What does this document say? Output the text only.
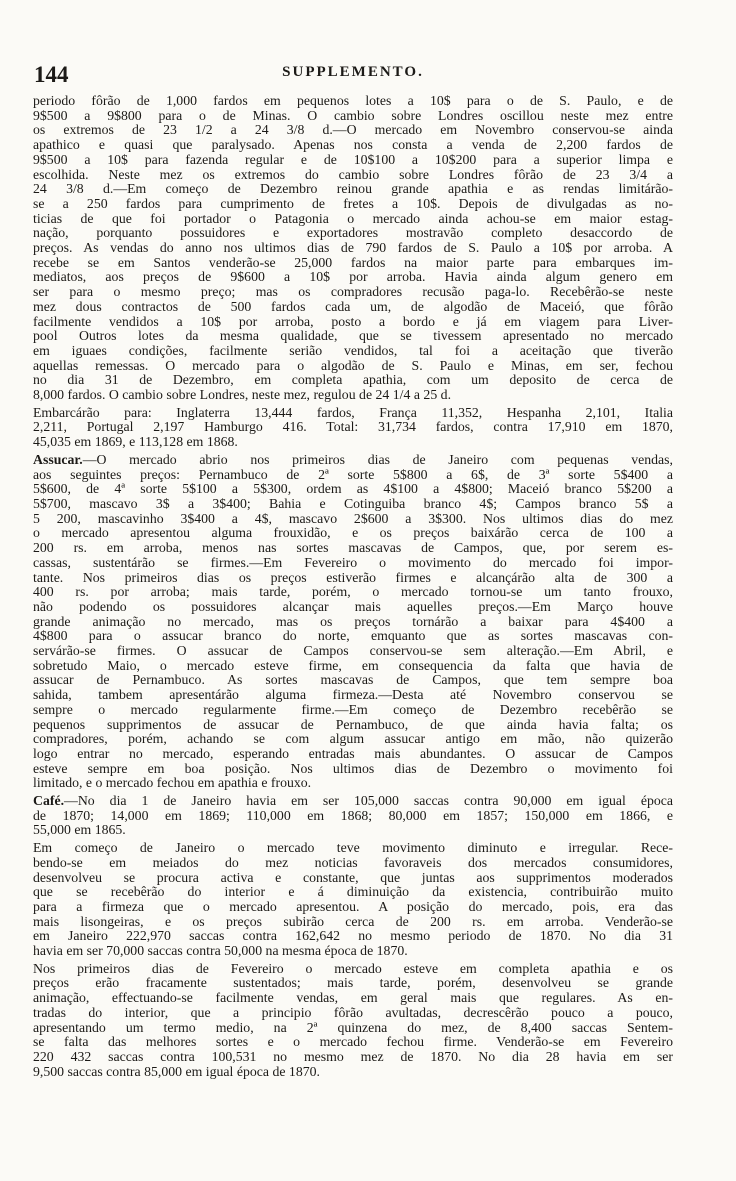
144	SUPPLEMENTO.
periodo fôrão de 1,000 fardos em pequenos lotes a 10$ para o de S. Paulo, e de
9$500 a 9$800 para o de Minas. O cambio sobre Londres oscillou neste mez entre
os extremos de 23 1/2 a 24 3/8 d.—O mercado em Novembro conservou-se ainda
apathico e quasi que paralysado. Apenas nos consta a venda de 2,200 fardos de
9$500 a 10$ para fazenda regular e de 10$100 a 10$200 para a superior limpa e
escolhida. Neste mez os extremos do cambio sobre Londres fôrão de 23 3/4 a
24 3/8 d.—Em começo de Dezembro reinou grande apathia e as rendas limitárão-
se a 250 fardos para cumprimento de fretes a 10$. Depois de divulgadas as no-
ticias de que foi portador o Patagonia o mercado ainda achou-se em maior estag-
nação, porquanto possuidores e exportadores mostravão completo desaccordo de
preços. As vendas do anno nos ultimos dias de 790 fardos de S. Paulo a 10$ por arroba. A
recebe se em Santos venderão-se 25,000 fardos na maior parte para embarques im-
mediatos, aos preços de 9$600 a 10$ por arroba. Havia ainda algum genero em
ser para o mesmo preço; mas os compradores recusão paga-lo. Recebêrão-se neste
mez dous contractos de 500 fardos cada um, de algodão de Maceió, que fôrão
facilmente vendidos a 10$ por arroba, posto a bordo e já em viagem para Liver-
pool Outros lotes da mesma qualidade, que se tivessem apresentado no mercado
em iguaes condições, facilmente serião vendidos, tal foi a aceitação que tiverão
aquellas remessas. O mercado para o algodão de S. Paulo e Minas, em ser, fechou
no dia 31 de Dezembro, em completa apathia, com um deposito de cerca de
8,000 fardos. O cambio sobre Londres, neste mez, regulou de 24 1/4 a 25 d.
Embarcárão para: Inglaterra 13,444 fardos, França 11,352, Hespanha 2,101, Italia
2,211, Portugal 2,197 Hamburgo 416. Total: 31,734 fardos, contra 17,910 em 1870,
45,035 em 1869, e 113,128 em 1868.
Assucar.—O mercado abrio nos primeiros dias de Janeiro com pequenas vendas,
aos seguintes preços: Pernambuco de 2ª sorte 5$800 a 6$, de 3ª sorte 5$400 a
5$600, de 4ª sorte 5$100 a 5$300, ordem as 4$100 a 4$800; Maceió branco 5$200 a
5$700, mascavo 3$ a 3$400; Bahia e Cotinguiba branco 4$; Campos branco 5$ a
5 200, mascavinho 3$400 a 4$, mascavo 2$600 a 3$300. Nos ultimos dias do mez
o mercado apresentou alguma frouxidão, e os preços baixárão cerca de 100 a
200 rs. em arroba, menos nas sortes mascavas de Campos, que, por serem es-
cassas, sustentárão se firmes.—Em Fevereiro o movimento do mercado foi impor-
tante. Nos primeiros dias os preços estiverão firmes e alcançárão alta de 300 a
400 rs. por arroba; mais tarde, porém, o mercado tornou-se um tanto frouxo,
não podendo os possuidores alcançar mais aquelles preços.—Em Março houve
grande animação no mercado, mas os preços tornárão a baixar para 4$400 a
4$800 para o assucar branco do norte, emquanto que as sortes mascavas con-
servárão-se firmes. O assucar de Campos conservou-se sem alteração.—Em Abril, e
sobretudo Maio, o mercado esteve firme, em consequencia da falta que havia de
assucar de Pernambuco. As sortes mascavas de Campos, que tem sempre boa
sahida, tambem apresentárão alguma firmeza.—Desta até Novembro conservou se
sempre o mercado regularmente firme.—Em começo de Dezembro recebêrão se
pequenos supprimentos de assucar de Pernambuco, de que ainda havia falta; os
compradores, porém, achando se com algum assucar antigo em mão, não quizerão
logo entrar no mercado, esperando entradas mais abundantes. O assucar de Campos
esteve sempre em boa posição. Nos ultimos dias de Dezembro o movimento foi
limitado, e o mercado fechou em apathia e frouxo.
Café.—No dia 1 de Janeiro havia em ser 105,000 saccas contra 90,000 em igual época
de 1870; 14,000 em 1869; 110,000 em 1868; 80,000 em 1857; 150,000 em 1866, e
55,000 em 1865.
Em começo de Janeiro o mercado teve movimento diminuto e irregular. Rece-
bendo-se em meiados do mez noticias favoraveis dos mercados consumidores,
desenvolveu se procura activa e constante, que juntas aos supprimentos moderados
que se recebêrão do interior e á diminuição da existencia, contribuirão muito
para a firmeza que o mercado apresentou. A posição do mercado, pois, era das
mais lisongeiras, e os preços subirão cerca de 200 rs. em arroba. Venderão-se
em Janeiro 222,970 saccas contra 162,642 no mesmo periodo de 1870. No dia 31
havia em ser 70,000 saccas contra 50,000 na mesma época de 1870.
Nos primeiros dias de Fevereiro o mercado esteve em completa apathia e os
preços erão fracamente sustentados; mais tarde, porém, desenvolveu se grande
animação, effectuando-se facilmente vendas, em geral mais que regulares. As en-
tradas do interior, que a principio fôrão avultadas, decrescêrão pouco a pouco,
apresentando um termo medio, na 2ª quinzena do mez, de 8,400 saccas Sentem-
se falta das melhores sortes e o mercado fechou firme. Venderão-se em Fevereiro
220 432 saccas contra 100,531 no mesmo mez de 1870. No dia 28 havia em ser
9,500 saccas contra 85,000 em igual época de 1870.
